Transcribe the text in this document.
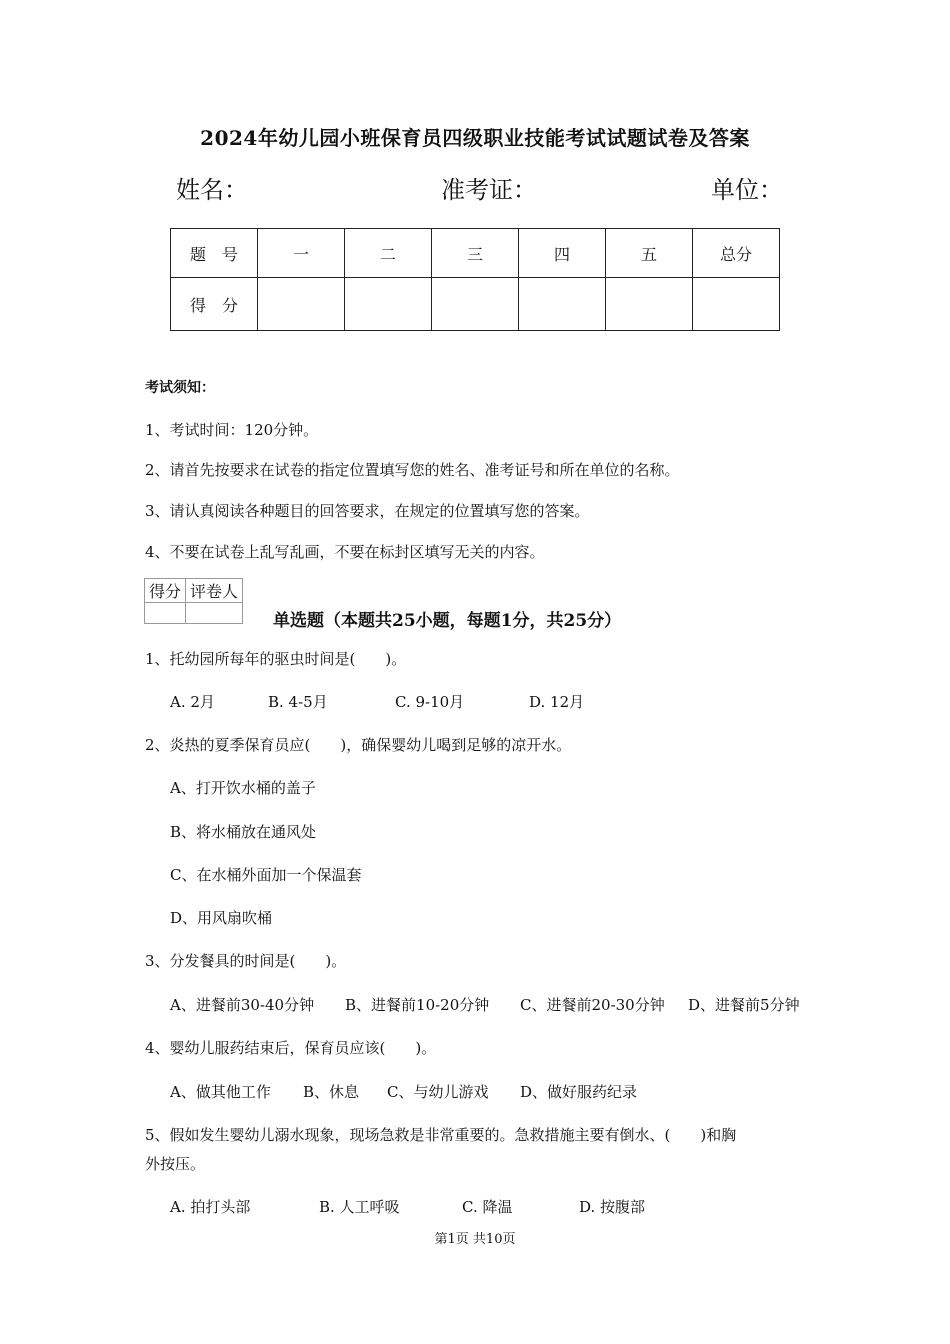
2024年幼儿园小班保育员四级职业技能考试试题试卷及答案
姓名：	准考证：	单位：
题　号	一	二	三	四	五	总分
得　分						
考试须知：
1、考试时间：120分钟。
2、请首先按要求在试卷的指定位置填写您的姓名、准考证号和所在单位的名称。
3、请认真阅读各种题目的回答要求，在规定的位置填写您的答案。
4、不要在试卷上乱写乱画，不要在标封区填写无关的内容。
得分	评卷人

单选题（本题共25小题，每题1分，共25分）
1、托幼园所每年的驱虫时间是(　　)。
A. 2月	B. 4-5月	C. 9-10月	D. 12月
2、炎热的夏季保育员应(　　)，确保婴幼儿喝到足够的凉开水。
A、打开饮水桶的盖子
B、将水桶放在通风处
C、在水桶外面加一个保温套
D、用风扇吹桶
3、分发餐具的时间是(　　)。
A、进餐前30-40分钟 B、进餐前10-20分钟 C、进餐前20-30分钟 D、进餐前5分钟
4、婴幼儿服药结束后，保育员应该(　　)。
A、做其他工作 B、休息 C、与幼儿游戏 D、做好服药纪录
5、假如发生婴幼儿溺水现象，现场急救是非常重要的。急救措施主要有倒水、(　　)和胸
外按压。
A. 拍打头部	B. 人工呼吸	C. 降温	D. 按腹部
第1页 共10页
